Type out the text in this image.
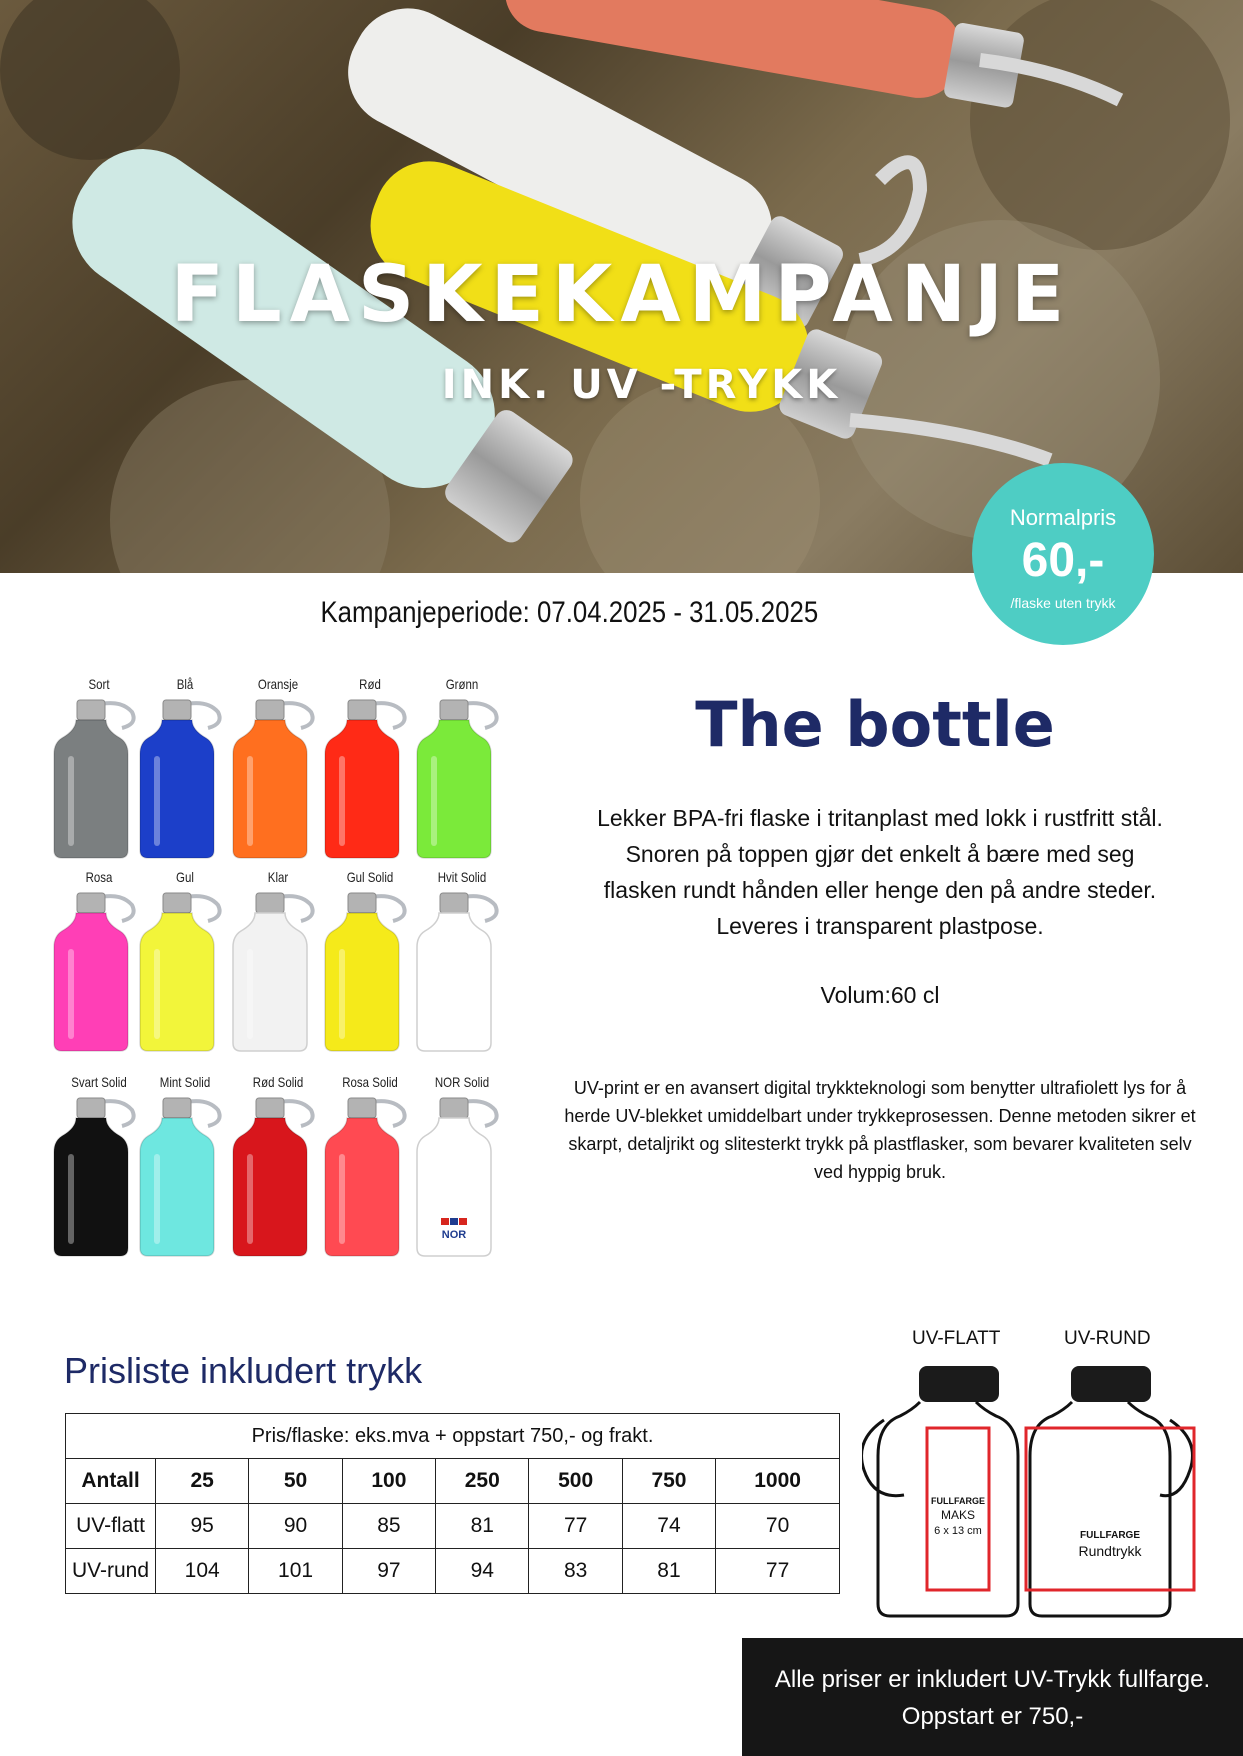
FLASKEKAMPANJE
INK. UV -TRYKK
Normalpris
60,-
/flaske uten trykk
Kampanjeperiode: 07.04.2025 - 31.05.2025
Sort	Blå	Oransje	Rød	Grønn
Rosa	Gul	Klar	Gul Solid	Hvit Solid
Svart Solid	Mint Solid	Rød Solid	Rosa Solid	NOR Solid
NOR
The bottle
Lekker BPA-fri flaske i tritanplast med lokk i rustfritt stål. Snoren på toppen gjør det enkelt å bære med seg flasken rundt hånden eller henge den på andre steder. Leveres i transparent plastpose.
Volum:60 cl
UV-print er en avansert digital trykkteknologi som benytter ultrafiolett lys for å herde UV-blekket umiddelbart under trykkeprosessen. Denne metoden sikrer et skarpt, detaljrikt og slitesterkt trykk på plastflasker, som bevarer kvaliteten selv ved hyppig bruk.
Prisliste inkludert trykk
Pris/flaske: eks.mva + oppstart 750,- og frakt.							
Antall	25	50	100	250	500	750	1000
UV-flatt	95	90	85	81	77	74	70
UV-rund	104	101	97	94	83	81	77
UV-FLATT	UV-RUND
FULLFARGE
MAKS
6 x 13 cm	FULLFARGE
Rundtrykk
Alle priser er inkludert UV-Trykk fullfarge.
Oppstart er 750,-
